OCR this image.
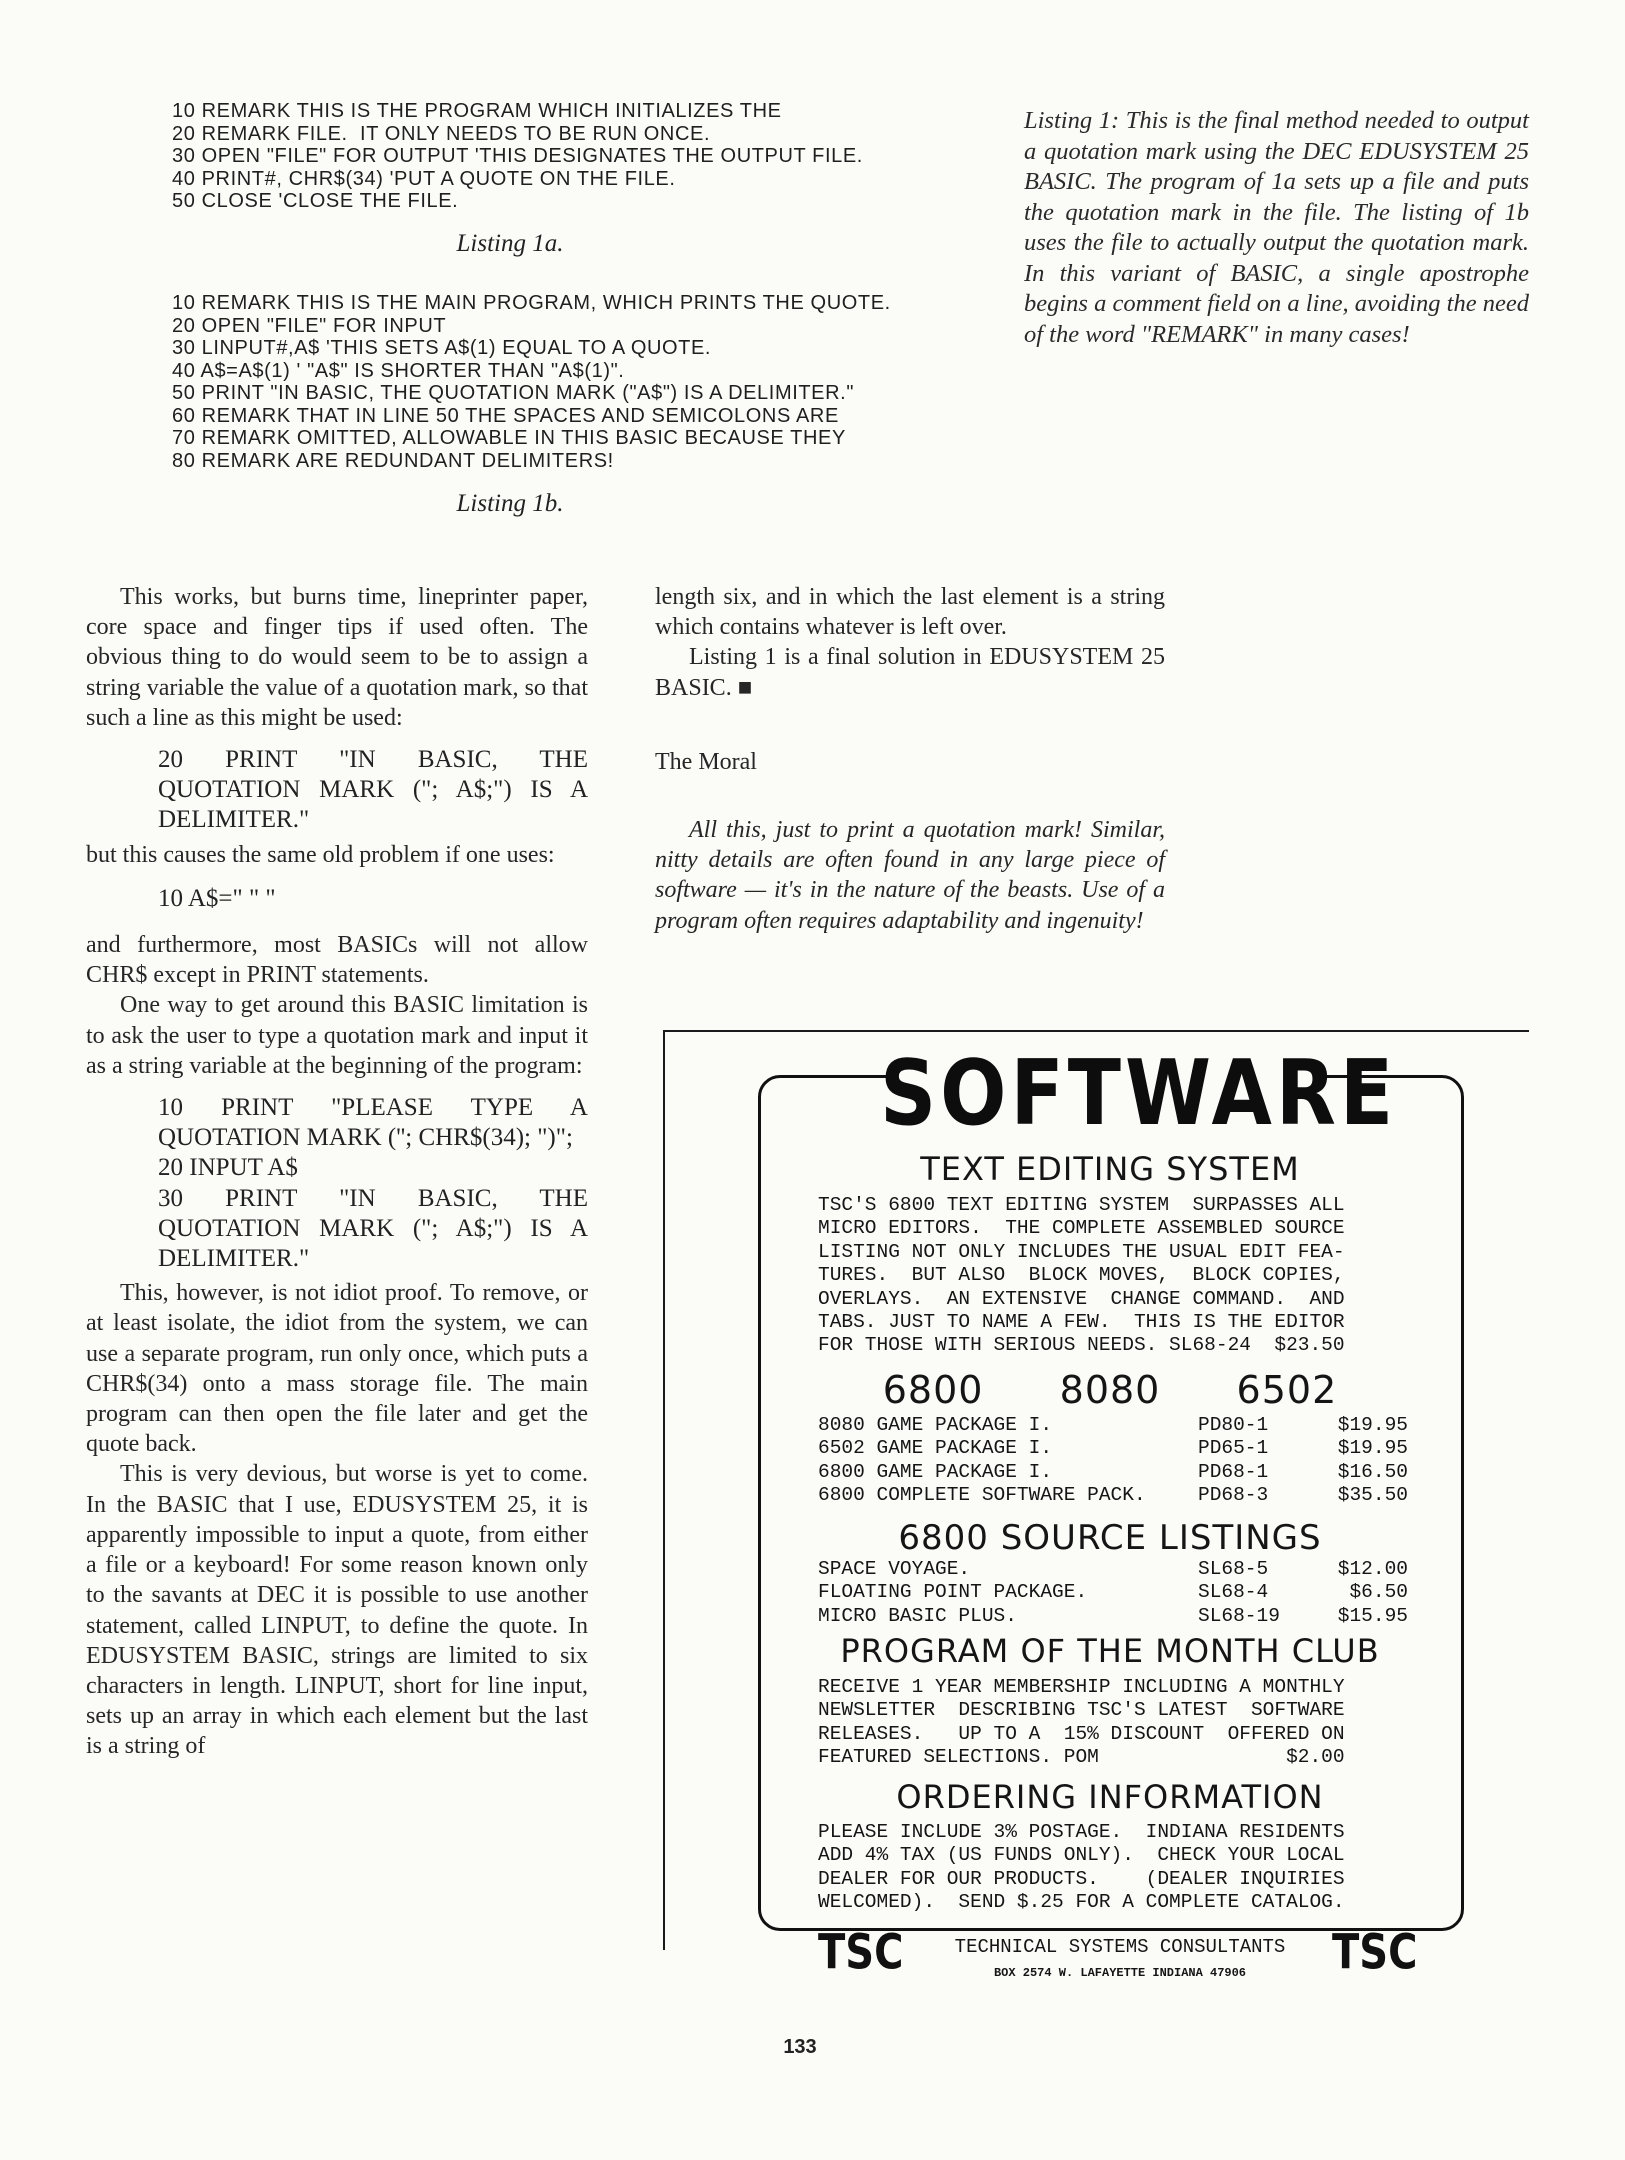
10 REMARK THIS IS THE PROGRAM WHICH INITIALIZES THE
20 REMARK FILE.  IT ONLY NEEDS TO BE RUN ONCE.
30 OPEN "FILE" FOR OUTPUT 'THIS DESIGNATES THE OUTPUT FILE.
40 PRINT#, CHR$(34) 'PUT A QUOTE ON THE FILE.
50 CLOSE 'CLOSE THE FILE.
Listing 1a.
10 REMARK THIS IS THE MAIN PROGRAM, WHICH PRINTS THE QUOTE.
20 OPEN "FILE" FOR INPUT
30 LINPUT#,A$ 'THIS SETS A$(1) EQUAL TO A QUOTE.
40 A$=A$(1) ' "A$" IS SHORTER THAN "A$(1)".
50 PRINT "IN BASIC, THE QUOTATION MARK ("A$") IS A DELIMITER."
60 REMARK THAT IN LINE 50 THE SPACES AND SEMICOLONS ARE
70 REMARK OMITTED, ALLOWABLE IN THIS BASIC BECAUSE THEY
80 REMARK ARE REDUNDANT DELIMITERS!
Listing 1b.
Listing 1: This is the final method needed to output a quotation mark using the DEC EDUSYSTEM 25 BASIC. The program of 1a sets up a file and puts the quotation mark in the file. The listing of 1b uses the file to actually output the quotation mark. In this variant of BASIC, a single apostrophe begins a comment field on a line, avoiding the need of the word "REMARK" in many cases!

This works, but burns time, lineprinter paper, core space and finger tips if used often. The obvious thing to do would seem to be to assign a string variable the value of a quotation mark, so that such a line as this might be used:

20 PRINT "IN BASIC, THE QUOTATION MARK ("; A$;") IS A DELIMITER."

but this causes the same old problem if one uses:

10 A$=" " "

and furthermore, most BASICs will not allow CHR$ except in PRINT statements.

One way to get around this BASIC limitation is to ask the user to type a quotation mark and input it as a string variable at the beginning of the program:

10 PRINT "PLEASE TYPE A QUOTATION MARK (''; CHR$(34); ")";
20 INPUT A$
30 PRINT "IN BASIC, THE QUOTATION MARK ("; A$;") IS A DELIMITER."

This, however, is not idiot proof. To remove, or at least isolate, the idiot from the system, we can use a separate program, run only once, which puts a CHR$(34) onto a mass storage file. The main program can then open the file later and get the quote back.

This is very devious, but worse is yet to come. In the BASIC that I use, EDUSYSTEM 25, it is apparently impossible to input a quote, from either a file or a keyboard! For some reason known only to the savants at DEC it is possible to use another statement, called LINPUT, to define the quote. In EDUSYSTEM BASIC, strings are limited to six characters in length. LINPUT, short for line input, sets up an array in which each element but the last is a string of

length six, and in which the last element is a string which contains whatever is left over.

Listing 1 is a final solution in EDUSYSTEM 25 BASIC. ■

The Moral

All this, just to print a quotation mark! Similar, nitty details are often found in any large piece of software — it's in the nature of the beasts. Use of a program often requires adaptability and ingenuity!

SOFTWARE
TEXT EDITING SYSTEM
TSC'S 6800 TEXT EDITING SYSTEM  SURPASSES ALL
MICRO EDITORS.  THE COMPLETE ASSEMBLED SOURCE
LISTING NOT ONLY INCLUDES THE USUAL EDIT FEA-
TURES.  BUT ALSO  BLOCK MOVES,  BLOCK COPIES,
OVERLAYS.  AN EXTENSIVE  CHANGE COMMAND.  AND
TABS. JUST TO NAME A FEW.  THIS IS THE EDITOR
FOR THOSE WITH SERIOUS NEEDS. SL68-24  $23.50
6800 8080 6502
8080 GAME PACKAGE I.	PD80-1	$19.95
6502 GAME PACKAGE I.	PD65-1	$19.95
6800 GAME PACKAGE I.	PD68-1	$16.50
6800 COMPLETE SOFTWARE PACK.	PD68-3	$35.50
6800 SOURCE LISTINGS
SPACE VOYAGE.	SL68-5	$12.00
FLOATING POINT PACKAGE.	SL68-4	$6.50
MICRO BASIC PLUS.	SL68-19	$15.95
PROGRAM OF THE MONTH CLUB
RECEIVE 1 YEAR MEMBERSHIP INCLUDING A MONTHLY
NEWSLETTER  DESCRIBING TSC'S LATEST  SOFTWARE
RELEASES.   UP TO A  15% DISCOUNT  OFFERED ON
FEATURED SELECTIONS. POM                $2.00
ORDERING INFORMATION
PLEASE INCLUDE 3% POSTAGE.  INDIANA RESIDENTS
ADD 4% TAX (US FUNDS ONLY).  CHECK YOUR LOCAL
DEALER FOR OUR PRODUCTS.    (DEALER INQUIRIES
WELCOMED).  SEND $.25 FOR A COMPLETE CATALOG.
TSC	TSC
TECHNICAL SYSTEMS CONSULTANTS
BOX 2574 W. LAFAYETTE INDIANA 47906
133
